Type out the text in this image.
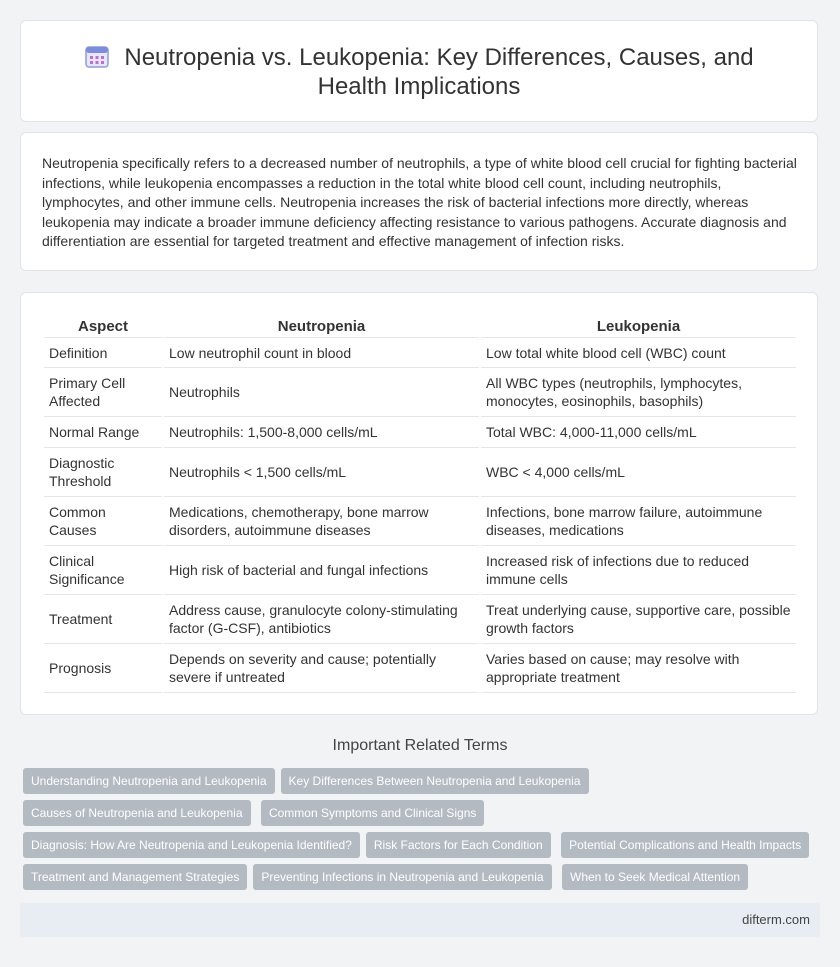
Neutropenia vs. Leukopenia: Key Differences, Causes, and Health Implications
Neutropenia specifically refers to a decreased number of neutrophils, a type of white blood cell crucial for fighting bacterial infections, while leukopenia encompasses a reduction in the total white blood cell count, including neutrophils, lymphocytes, and other immune cells. Neutropenia increases the risk of bacterial infections more directly, whereas leukopenia may indicate a broader immune deficiency affecting resistance to various pathogens. Accurate diagnosis and differentiation are essential for targeted treatment and effective management of infection risks.
Aspect	Neutropenia	Leukopenia
Definition	Low neutrophil count in blood	Low total white blood cell (WBC) count
Primary Cell Affected	Neutrophils	All WBC types (neutrophils, lymphocytes, monocytes, eosinophils, basophils)
Normal Range	Neutrophils: 1,500-8,000 cells/mL	Total WBC: 4,000-11,000 cells/mL
Diagnostic Threshold	Neutrophils < 1,500 cells/mL	WBC < 4,000 cells/mL
Common Causes	Medications, chemotherapy, bone marrow disorders, autoimmune diseases	Infections, bone marrow failure, autoimmune diseases, medications
Clinical Significance	High risk of bacterial and fungal infections	Increased risk of infections due to reduced immune cells
Treatment	Address cause, granulocyte colony-stimulating factor (G-CSF), antibiotics	Treat underlying cause, supportive care, possible growth factors
Prognosis	Depends on severity and cause; potentially severe if untreated	Varies based on cause; may resolve with appropriate treatment
Important Related Terms
Understanding Neutropenia and Leukopenia Key Differences Between Neutropenia and LeukopeniaCauses of Neutropenia and Leukopenia Common Symptoms and Clinical SignsDiagnosis: How Are Neutropenia and Leukopenia Identified? Risk Factors for Each Condition Potential Complications and Health ImpactsTreatment and Management Strategies Preventing Infections in Neutropenia and Leukopenia When to Seek Medical Attention
difterm.com
